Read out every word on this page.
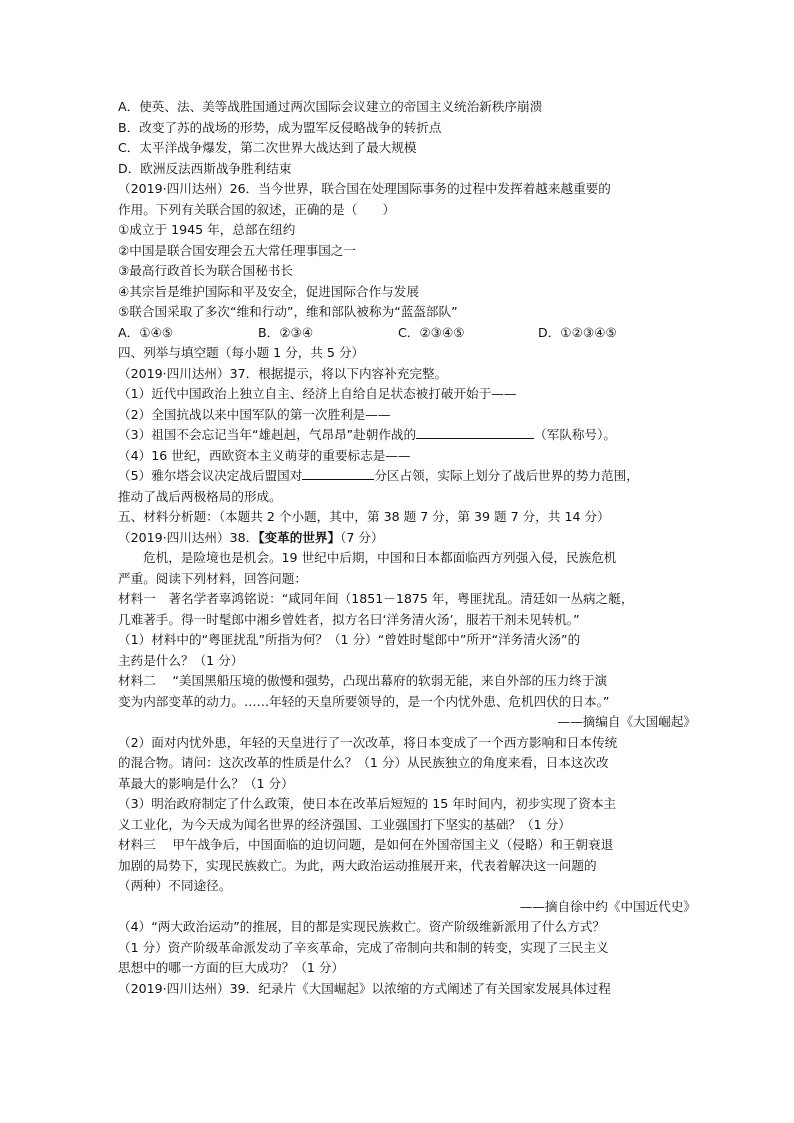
A．使英、法、美等战胜国通过两次国际会议建立的帝国主义统治新秩序崩溃
B．改变了苏的战场的形势，成为盟军反侵略战争的转折点
C．太平洋战争爆发，第二次世界大战达到了最大规模
D．欧洲反法西斯战争胜利结束
（2019·四川达州）26．当今世界，联合国在处理国际事务的过程中发挥着越来越重要的
作用。下列有关联合国的叙述，正确的是（　　）
①成立于 1945 年，总部在纽约
②中国是联合国安理会五大常任理事国之一
③最高行政首长为联合国秘书长
④其宗旨是维护国际和平及安全，促进国际合作与发展
⑤联合国采取了多次“维和行动”，维和部队被称为“蓝盔部队”
A．①④⑤	B．②③④	C．②③④⑤	D．①②③④⑤
四、列举与填空题（每小题 1 分，共 5 分）
（2019·四川达州）37．根据提示，将以下内容补充完整。
（1）近代中国政治上独立自主、经济上自给自足状态被打破开始于——
（2）全国抗战以来中国军队的第一次胜利是——
（3）祖国不会忘记当年“雄赳赳，气昂昂”赴朝作战的	（军队称号）。
（4）16 世纪，西欧资本主义萌芽的重要标志是——
（5）雅尔塔会议决定战后盟国对	分区占领，实际上划分了战后世界的势力范围，
推动了战后两极格局的形成。
五、材料分析题：（本题共 2 个小题，其中，第 38 题 7 分，第 39 题 7 分，共 14 分）
（2019·四川达州）38．【变革的世界】（7 分）
危机，是险境也是机会。19 世纪中后期，中国和日本都面临西方列强入侵，民族危机
严重。阅读下列材料，回答问题：
材料一　著名学者辜鸿铭说：“咸同年间（1851－1875 年，粤匪扰乱。清廷如一丛病之艇，
几难著手。得一时髦郎中湘乡曾姓者，拟方名曰‘洋务清火汤’，服若干剂未见转机。”
（1）材料中的“粤匪扰乱”所指为何？（1 分）“曾姓时髦郎中”所开“洋务清火汤”的
主药是什么？（1 分）
材料二　 “美国黑船压境的傲慢和强势，凸现出幕府的软弱无能，来自外部的压力终于演
变为内部变革的动力。……年轻的天皇所要领导的，是一个内忧外患、危机四伏的日本。”
——摘编自《大国崛起》
（2）面对内忧外患，年轻的天皇进行了一次改革，将日本变成了一个西方影响和日本传统
的混合物。请问：这次改革的性质是什么？（1 分）从民族独立的角度来看，日本这次改
革最大的影响是什么？（1 分）
（3）明治政府制定了什么政策，使日本在改革后短短的 15 年时间内，初步实现了资本主
义工业化，为今天成为闻名世界的经济强国、工业强国打下坚实的基础？（1 分）
材料三　 甲午战争后，中国面临的迫切问题，是如何在外国帝国主义（侵略）和王朝衰退
加剧的局势下，实现民族救亡。为此，两大政治运动推展开来，代表着解决这一问题的
（两种）不同途径。
——摘自徐中约《中国近代史》
（4）“两大政治运动”的推展，目的都是实现民族救亡。资产阶级维新派用了什么方式？
（1 分）资产阶级革命派发动了辛亥革命，完成了帝制向共和制的转变，实现了三民主义
思想中的哪一方面的巨大成功？（1 分）
（2019·四川达州）39．纪录片《大国崛起》以浓缩的方式阐述了有关国家发展具体过程
